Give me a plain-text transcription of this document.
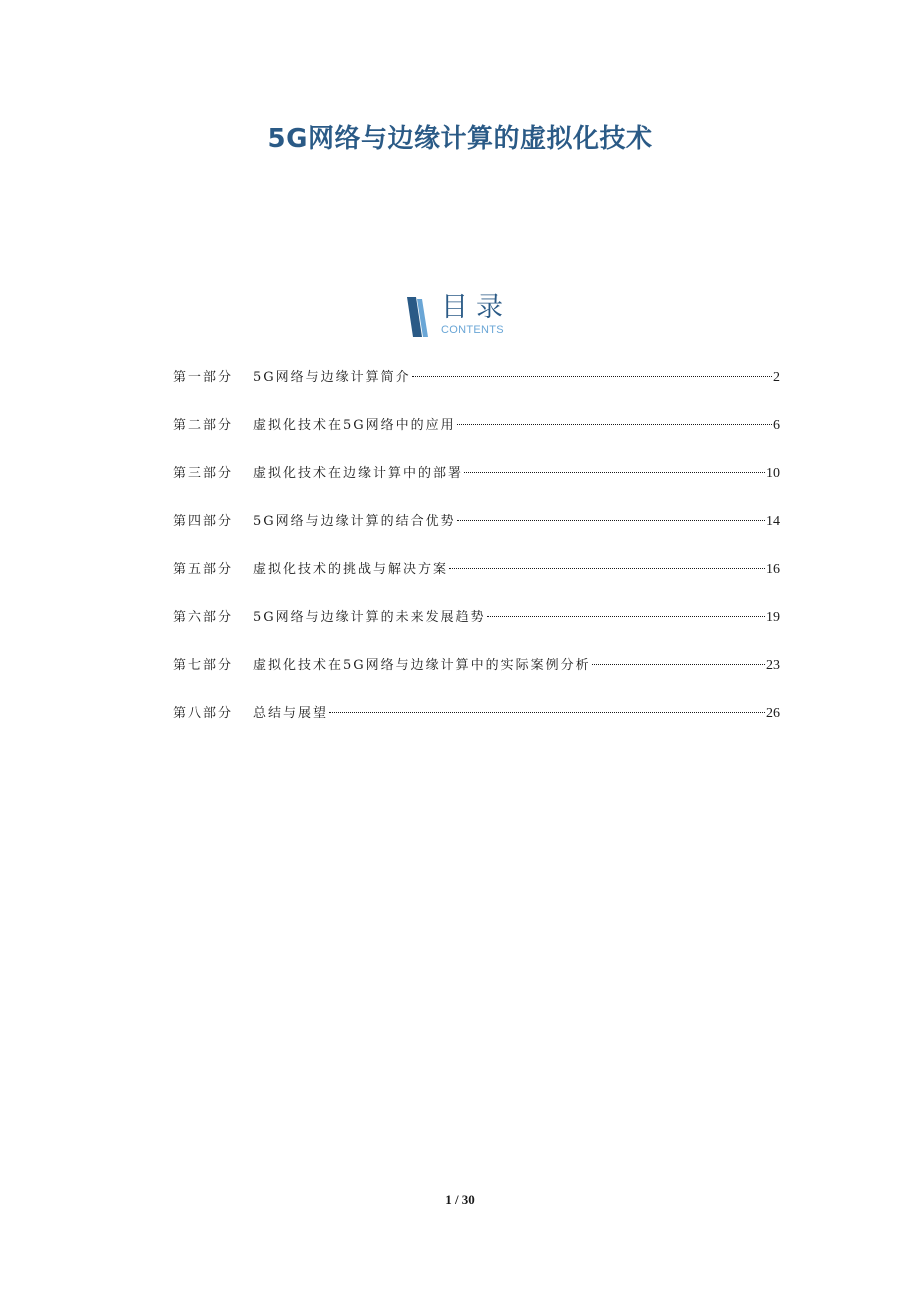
5G网络与边缘计算的虚拟化技术
目录
CONTENTS
第一部分	5G网络与边缘计算简介	2
第二部分	虚拟化技术在5G网络中的应用	6
第三部分	虚拟化技术在边缘计算中的部署	10
第四部分	5G网络与边缘计算的结合优势	14
第五部分	虚拟化技术的挑战与解决方案	16
第六部分	5G网络与边缘计算的未来发展趋势	19
第七部分	虚拟化技术在5G网络与边缘计算中的实际案例分析	23
第八部分	总结与展望	26
1 / 30
